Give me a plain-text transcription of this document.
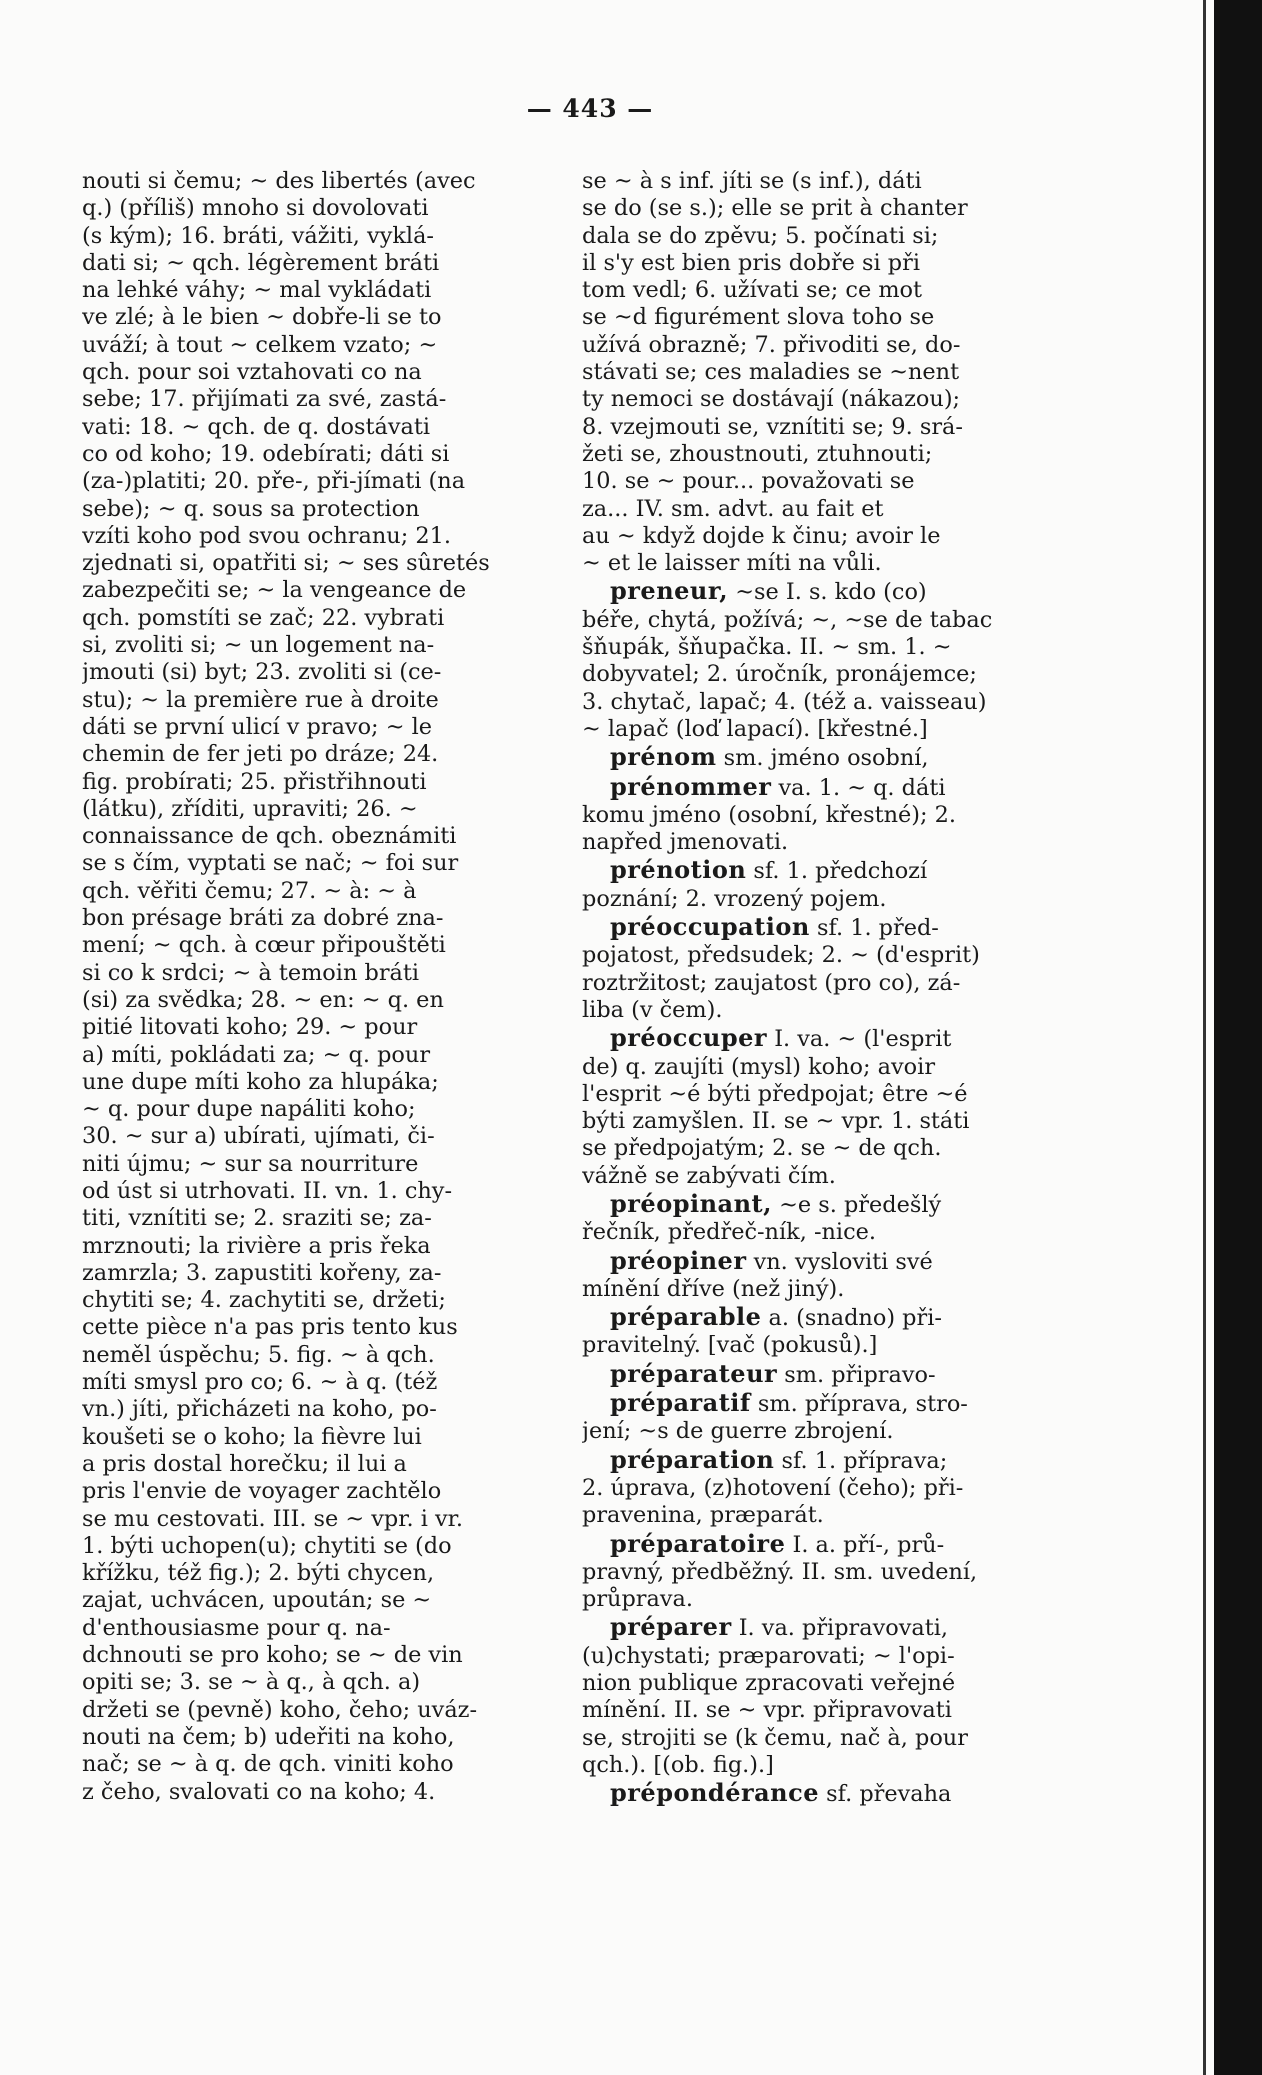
— 443 —
nouti si čemu; ~ des libertés (avec
q.) (příliš) mnoho si dovolovati
(s kým); 16. bráti, vážiti, vyklá-
dati si; ~ qch. légèrement bráti
na lehké váhy; ~ mal vykládati
ve zlé; à le bien ~ dobře-li se to
uváží; à tout ~ celkem vzato; ~
qch. pour soi vztahovati co na
sebe; 17. přijímati za své, zastá-
vati: 18. ~ qch. de q. dostávati
co od koho; 19. odebírati; dáti si
(za-)platiti; 20. pře-, při-jímati (na
sebe); ~ q. sous sa protection
vzíti koho pod svou ochranu; 21.
zjednati si, opatřiti si; ~ ses sûretés
zabezpečiti se; ~ la vengeance de
qch. pomstíti se zač; 22. vybrati
si, zvoliti si; ~ un logement na-
jmouti (si) byt; 23. zvoliti si (ce-
stu); ~ la première rue à droite
dáti se první ulicí v pravo; ~ le
chemin de fer jeti po dráze; 24.
fig. probírati; 25. přistřihnouti
(látku), zříditi, upraviti; 26. ~
connaissance de qch. obeznámiti
se s čím, vyptati se nač; ~ foi sur
qch. věřiti čemu; 27. ~ à: ~ à
bon présage bráti za dobré zna-
mení; ~ qch. à cœur připouštěti
si co k srdci; ~ à temoin bráti
(si) za svědka; 28. ~ en: ~ q. en
pitié litovati koho; 29. ~ pour
a) míti, pokládati za; ~ q. pour
une dupe míti koho za hlupáka;
~ q. pour dupe napáliti koho;
30. ~ sur a) ubírati, ujímati, či-
niti újmu; ~ sur sa nourriture
od úst si utrhovati. II. vn. 1. chy-
titi, vznítiti se; 2. sraziti se; za-
mrznouti; la rivière a pris řeka
zamrzla; 3. zapustiti kořeny, za-
chytiti se; 4. zachytiti se, držeti;
cette pièce n'a pas pris tento kus
neměl úspěchu; 5. fig. ~ à qch.
míti smysl pro co; 6. ~ à q. (též
vn.) jíti, přicházeti na koho, po-
koušeti se o koho; la fièvre lui
a pris dostal horečku; il lui a
pris l'envie de voyager zachtělo
se mu cestovati. III. se ~ vpr. i vr.
1. býti uchopen(u); chytiti se (do
křížku, též fig.); 2. býti chycen,
zajat, uchvácen, upoután; se ~
d'enthousiasme pour q. na-
dchnouti se pro koho; se ~ de vin
opiti se; 3. se ~ à q., à qch. a)
držeti se (pevně) koho, čeho; uváz-
nouti na čem; b) udeřiti na koho,
nač; se ~ à q. de qch. viniti koho
z čeho, svalovati co na koho; 4.
se ~ à s inf. jíti se (s inf.), dáti
se do (se s.); elle se prit à chanter
dala se do zpěvu; 5. počínati si;
il s'y est bien pris dobře si při
tom vedl; 6. užívati se; ce mot
se ~d figurément slova toho se
užívá obrazně; 7. přivoditi se, do-
stávati se; ces maladies se ~nent
ty nemoci se dostávají (nákazou);
8. vzejmouti se, vznítiti se; 9. srá-
žeti se, zhoustnouti, ztuhnouti;
10. se ~ pour... považovati se
za... IV. sm. advt. au fait et
au ~ když dojde k činu; avoir le
~ et le laisser míti na vůli.
preneur, ~se I. s. kdo (co)
béře, chytá, požívá; ~, ~se de tabac
šňupák, šňupačka. II. ~ sm. 1. ~
dobyvatel; 2. úročník, pronájemce;
3. chytač, lapač; 4. (též a. vaisseau)
~ lapač (loď lapací). [křestné.]
prénom sm. jméno osobní,
prénommer va. 1. ~ q. dáti
komu jméno (osobní, křestné); 2.
napřed jmenovati.
prénotion sf. 1. předchozí
poznání; 2. vrozený pojem.
préoccupation sf. 1. před-
pojatost, předsudek; 2. ~ (d'esprit)
roztržitost; zaujatost (pro co), zá-
liba (v čem).
préoccuper I. va. ~ (l'esprit
de) q. zaujíti (mysl) koho; avoir
l'esprit ~é býti předpojat; être ~é
býti zamyšlen. II. se ~ vpr. 1. státi
se předpojatým; 2. se ~ de qch.
vážně se zabývati čím.
préopinant, ~e s. předešlý
řečník, předřeč-ník, -nice.
préopiner vn. vysloviti své
mínění dříve (než jiný).
préparable a. (snadno) při-
pravitelný. [vač (pokusů).]
préparateur sm. připravo-
préparatif sm. příprava, stro-
jení; ~s de guerre zbrojení.
préparation sf. 1. příprava;
2. úprava, (z)hotovení (čeho); při-
pravenina, præparát.
préparatoire I. a. pří-, prů-
pravný, předběžný. II. sm. uvedení,
průprava.
préparer I. va. připravovati,
(u)chystati; præparovati; ~ l'opi-
nion publique zpracovati veřejné
mínění. II. se ~ vpr. připravovati
se, strojiti se (k čemu, nač à, pour
qch.). [(ob. fig.).]
prépondérance sf. převaha
